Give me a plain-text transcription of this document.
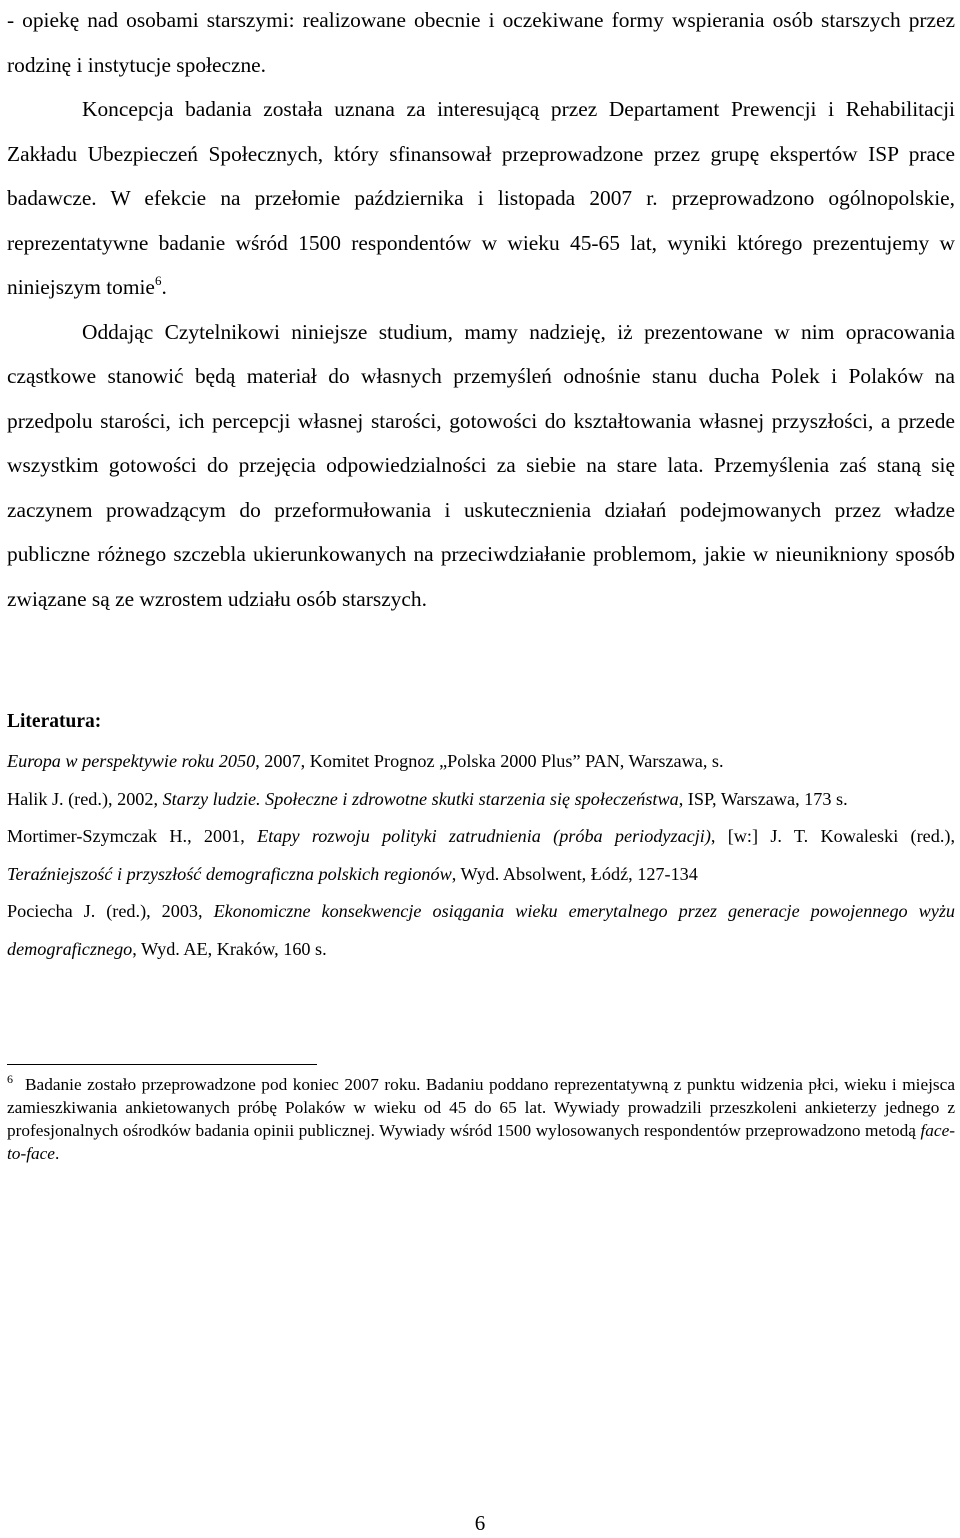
- opiekę nad osobami starszymi: realizowane obecnie i oczekiwane formy wspierania osób starszych przez rodzinę i instytucje społeczne.

Koncepcja badania została uznana za interesującą przez Departament Prewencji i Rehabilitacji Zakładu Ubezpieczeń Społecznych, który sfinansował przeprowadzone przez grupę ekspertów ISP prace badawcze. W efekcie na przełomie października i listopada 2007 r. przeprowadzono ogólnopolskie, reprezentatywne badanie wśród 1500 respondentów w wieku 45-65 lat, wyniki którego prezentujemy w niniejszym tomie$^6$.

Oddając Czytelnikowi niniejsze studium, mamy nadzieję, iż prezentowane w nim opracowania cząstkowe stanowić będą materiał do własnych przemyśleń odnośnie stanu ducha Polek i Polaków na przedpolu starości, ich percepcji własnej starości, gotowości do kształtowania własnej przyszłości, a przede wszystkim gotowości do przejęcia odpowiedzialności za siebie na stare lata. Przemyślenia zaś staną się zaczynem prowadzącym do przeformułowania i uskutecznienia działań podejmowanych przez władze publiczne różnego szczebla ukierunkowanych na przeciwdziałanie problemom, jakie w nieunikniony sposób związane są ze wzrostem udziału osób starszych.

Literatura:

Europa w perspektywie roku 2050, 2007, Komitet Prognoz „Polska 2000 Plus” PAN, Warszawa, s.

Halik J. (red.), 2002, Starzy ludzie. Społeczne i zdrowotne skutki starzenia się społeczeństwa, ISP, Warszawa, 173 s.

Mortimer-Szymczak H., 2001, Etapy rozwoju polityki zatrudnienia (próba periodyzacji), [w:] J. T. Kowaleski (red.), Teraźniejszość i przyszłość demograficzna polskich regionów, Wyd. Absolwent, Łódź, 127-134

Pociecha J. (red.), 2003, Ekonomiczne konsekwencje osiągania wieku emerytalnego przez generacje powojennego wyżu demograficznego, Wyd. AE, Kraków, 160 s.

$^6$ Badanie zostało przeprowadzone pod koniec 2007 roku. Badaniu poddano reprezentatywną z punktu widzenia płci, wieku i miejsca zamieszkiwania ankietowanych próbę Polaków w wieku od 45 do 65 lat. Wywiady prowadzili przeszkoleni ankieterzy jednego z profesjonalnych ośrodków badania opinii publicznej. Wywiady wśród 1500 wylosowanych respondentów przeprowadzono metodą face-to-face.
6
